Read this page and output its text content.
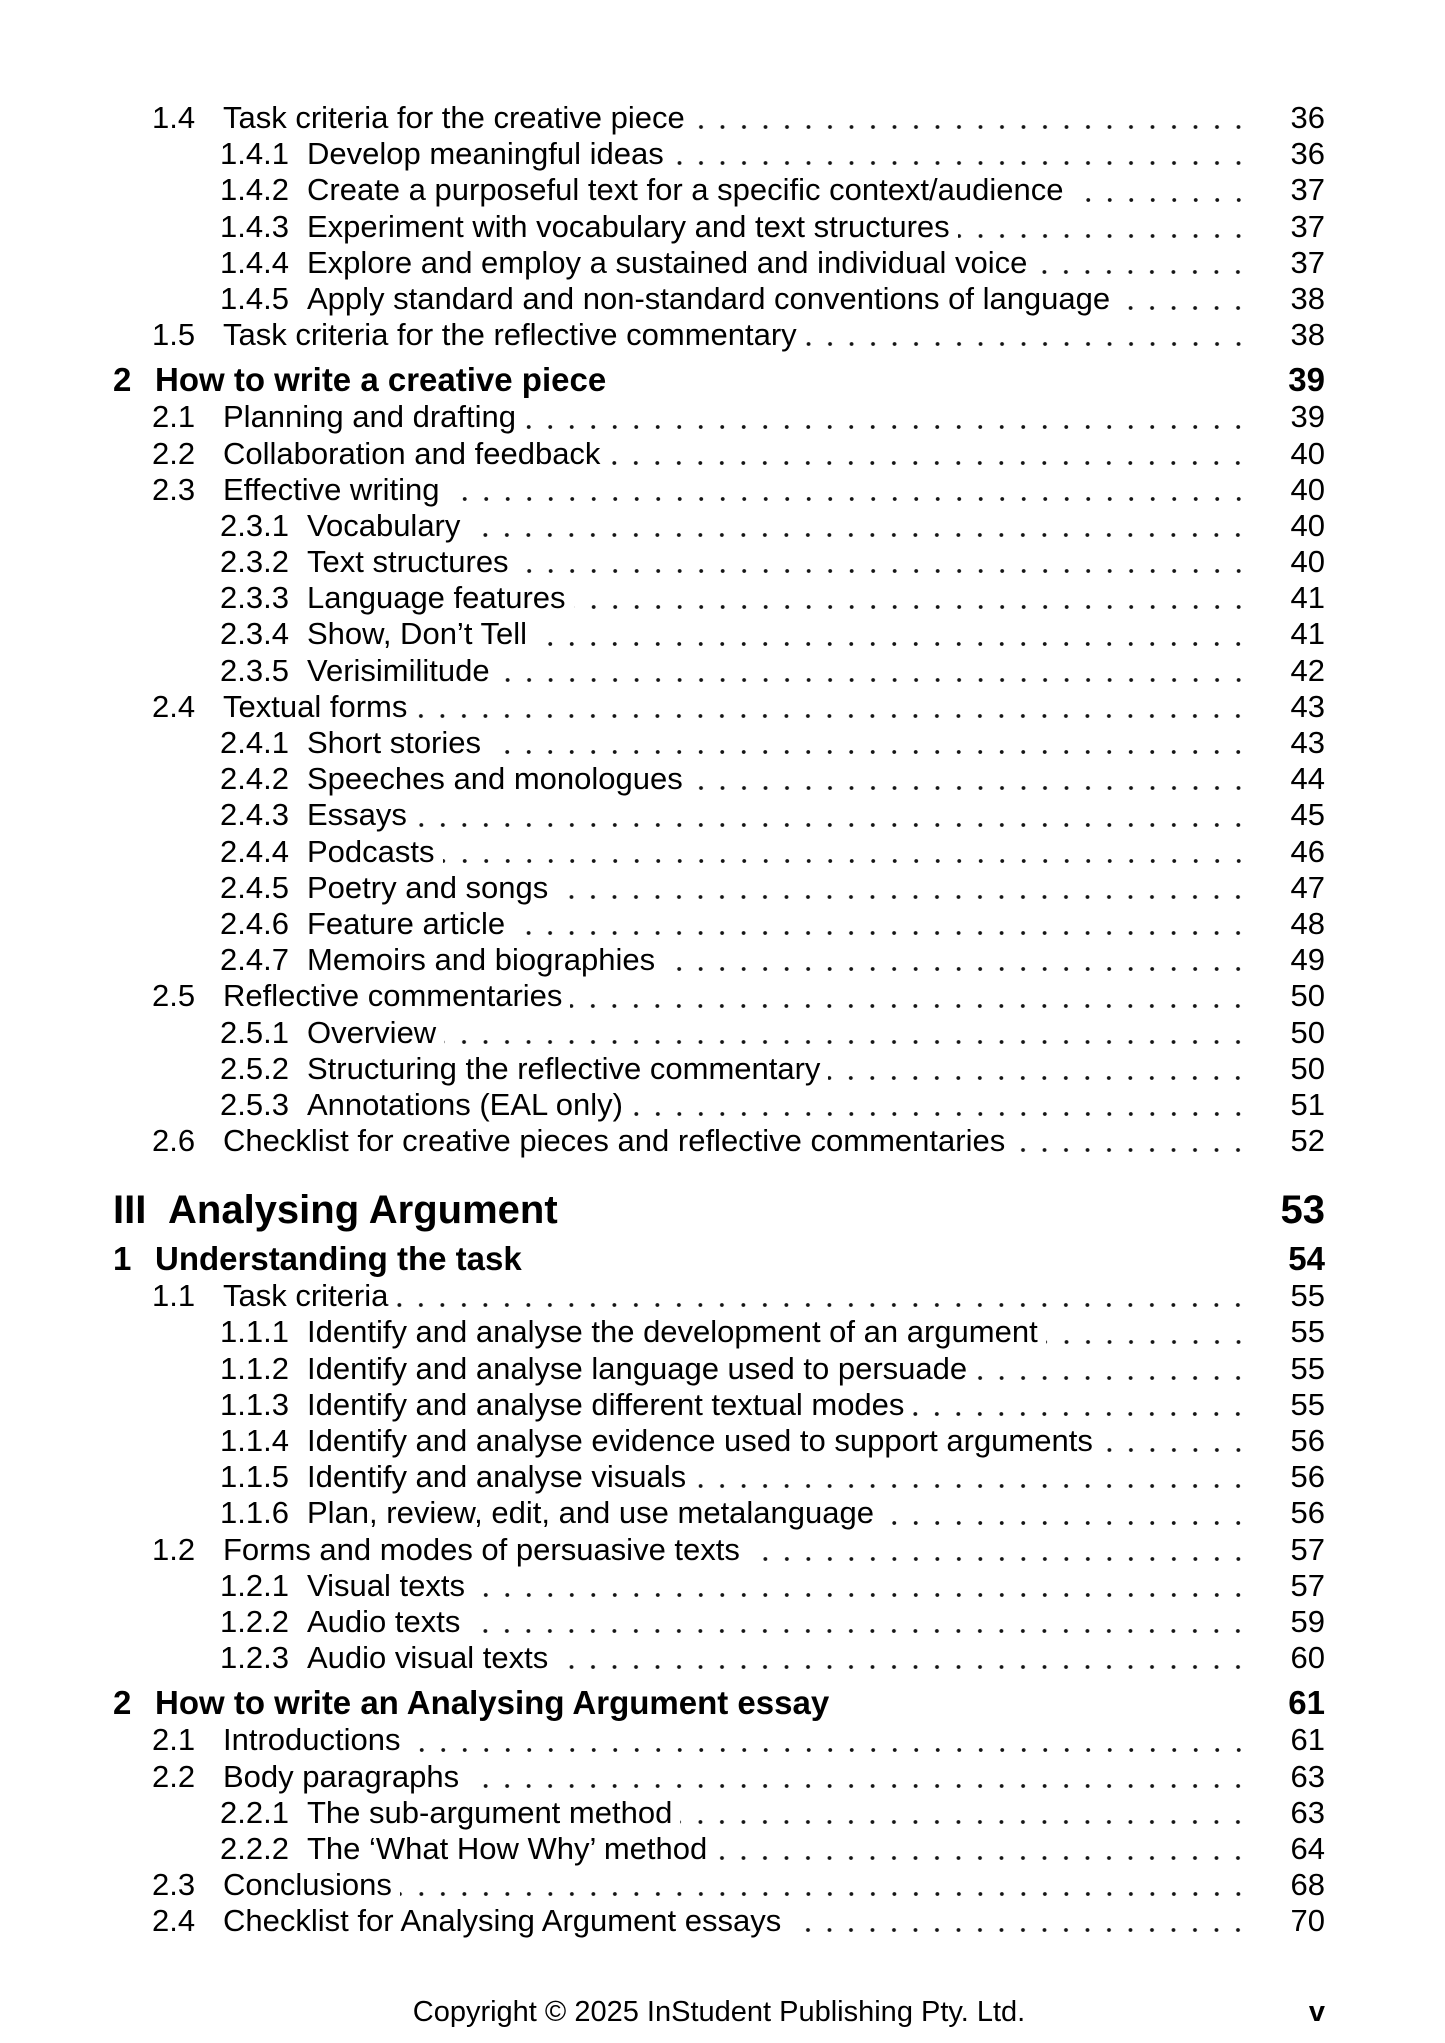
1.4 Task criteria for the creative piece	36
1.4.1 Develop meaningful ideas	36
1.4.2 Create a purposeful text for a specific context/audience	37
1.4.3 Experiment with vocabulary and text structures	37
1.4.4 Explore and employ a sustained and individual voice	37
1.4.5 Apply standard and non-standard conventions of language	38
1.5 Task criteria for the reflective commentary	38
2 How to write a creative piece	39
2.1 Planning and drafting	39
2.2 Collaboration and feedback	40
2.3 Effective writing	40
2.3.1 Vocabulary	40
2.3.2 Text structures	40
2.3.3 Language features	41
2.3.4 Show, Don’t Tell	41
2.3.5 Verisimilitude	42
2.4 Textual forms	43
2.4.1 Short stories	43
2.4.2 Speeches and monologues	44
2.4.3 Essays	45
2.4.4 Podcasts	46
2.4.5 Poetry and songs	47
2.4.6 Feature article	48
2.4.7 Memoirs and biographies	49
2.5 Reflective commentaries	50
2.5.1 Overview	50
2.5.2 Structuring the reflective commentary	50
2.5.3 Annotations (EAL only)	51
2.6 Checklist for creative pieces and reflective commentaries	52
III Analysing Argument	53
1 Understanding the task	54
1.1 Task criteria	55
1.1.1 Identify and analyse the development of an argument	55
1.1.2 Identify and analyse language used to persuade	55
1.1.3 Identify and analyse different textual modes	55
1.1.4 Identify and analyse evidence used to support arguments	56
1.1.5 Identify and analyse visuals	56
1.1.6 Plan, review, edit, and use metalanguage	56
1.2 Forms and modes of persuasive texts	57
1.2.1 Visual texts	57
1.2.2 Audio texts	59
1.2.3 Audio visual texts	60
2 How to write an Analysing Argument essay	61
2.1 Introductions	61
2.2 Body paragraphs	63
2.2.1 The sub-argument method	63
2.2.2 The ‘What How Why’ method	64
2.3 Conclusions	68
2.4 Checklist for Analysing Argument essays	70
Copyright © 2025 InStudent Publishing Pty. Ltd.	v
